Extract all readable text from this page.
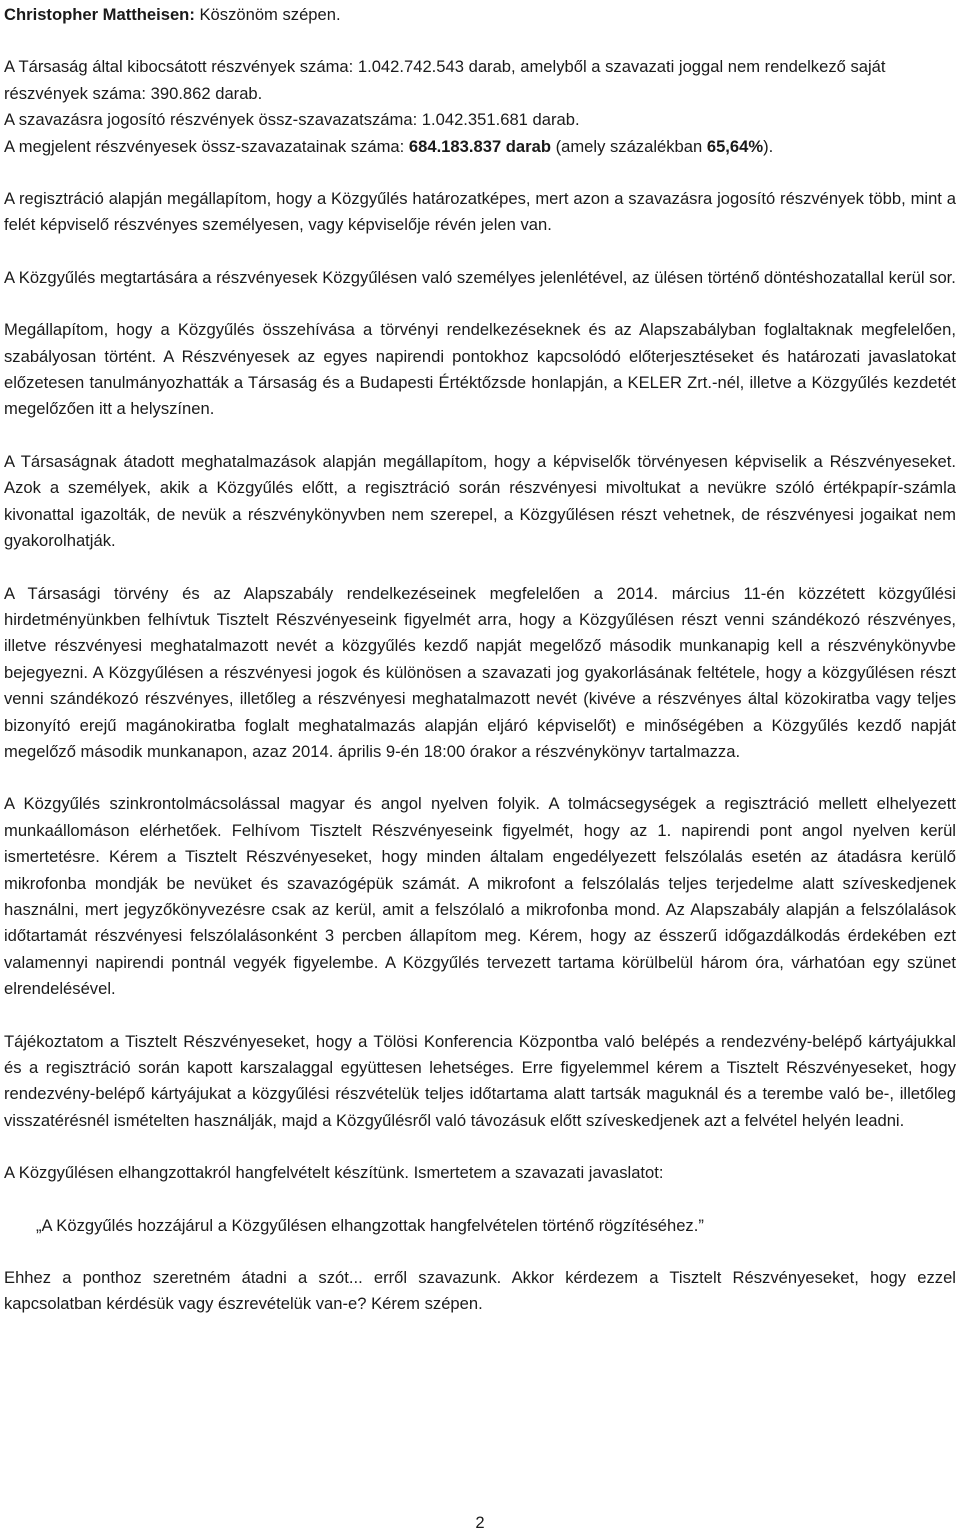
Christopher Mattheisen: Köszönöm szépen.

A Társaság által kibocsátott részvények száma: 1.042.742.543 darab, amelyből a szavazati joggal nem rendelkező saját részvények száma: 390.862 darab.

A szavazásra jogosító részvények össz-szavazatszáma: 1.042.351.681 darab.

A megjelent részvényesek össz-szavazatainak száma: 684.183.837 darab (amely százalékban 65,64%).

A regisztráció alapján megállapítom, hogy a Közgyűlés határozatképes, mert azon a szavazásra jogosító részvények több, mint a felét képviselő részvényes személyesen, vagy képviselője révén jelen van.

A Közgyűlés megtartására a részvényesek Közgyűlésen való személyes jelenlétével, az ülésen történő döntéshozatallal kerül sor.

Megállapítom, hogy a Közgyűlés összehívása a törvényi rendelkezéseknek és az Alapszabályban foglaltaknak megfelelően, szabályosan történt. A Részvényesek az egyes napirendi pontokhoz kapcsolódó előterjesztéseket és határozati javaslatokat előzetesen tanulmányozhatták a Társaság és a Budapesti Értéktőzsde honlapján, a KELER Zrt.-nél, illetve a Közgyűlés kezdetét megelőzően itt a helyszínen.

A Társaságnak átadott meghatalmazások alapján megállapítom, hogy a képviselők törvényesen képviselik a Részvényeseket. Azok a személyek, akik a Közgyűlés előtt, a regisztráció során részvényesi mivoltukat a nevükre szóló értékpapír-számla kivonattal igazolták, de nevük a részvénykönyvben nem szerepel, a Közgyűlésen részt vehetnek, de részvényesi jogaikat nem gyakorolhatják.

A Társasági törvény és az Alapszabály rendelkezéseinek megfelelően a 2014. március 11-én közzétett közgyűlési hirdetményünkben felhívtuk Tisztelt Részvényeseink figyelmét arra, hogy a Közgyűlésen részt venni szándékozó részvényes, illetve részvényesi meghatalmazott nevét a közgyűlés kezdő napját megelőző második munkanapig kell a részvénykönyvbe bejegyezni. A Közgyűlésen a részvényesi jogok és különösen a szavazati jog gyakorlásának feltétele, hogy a közgyűlésen részt venni szándékozó részvényes, illetőleg a részvényesi meghatalmazott nevét (kivéve a részvényes által közokiratba vagy teljes bizonyító erejű magánokiratba foglalt meghatalmazás alapján eljáró képviselőt) e minőségében a Közgyűlés kezdő napját megelőző második munkanapon, azaz 2014. április 9-én 18:00 órakor a részvénykönyv tartalmazza.

A Közgyűlés szinkrontolmácsolással magyar és angol nyelven folyik. A tolmácsegységek a regisztráció mellett elhelyezett munkaállomáson elérhetőek. Felhívom Tisztelt Részvényeseink figyelmét, hogy az 1. napirendi pont angol nyelven kerül ismertetésre. Kérem a Tisztelt Részvényeseket, hogy minden általam engedélyezett felszólalás esetén az átadásra kerülő mikrofonba mondják be nevüket és szavazógépük számát. A mikrofont a felszólalás teljes terjedelme alatt szíveskedjenek használni, mert jegyzőkönyvezésre csak az kerül, amit a felszólaló a mikrofonba mond. Az Alapszabály alapján a felszólalások időtartamát részvényesi felszólalásonként 3 percben állapítom meg. Kérem, hogy az ésszerű időgazdálkodás érdekében ezt valamennyi napirendi pontnál vegyék figyelembe. A Közgyűlés tervezett tartama körülbelül három óra, várhatóan egy szünet elrendelésével.

Tájékoztatom a Tisztelt Részvényeseket, hogy a Tölösi Konferencia Központba való belépés a rendezvény-belépő kártyájukkal és a regisztráció során kapott karszalaggal együttesen lehetséges. Erre figyelemmel kérem a Tisztelt Részvényeseket, hogy rendezvény-belépő kártyájukat a közgyűlési részvételük teljes időtartama alatt tartsák maguknál és a terembe való be-, illetőleg visszatérésnél ismételten használják, majd a Közgyűlésről való távozásuk előtt szíveskedjenek azt a felvétel helyén leadni.

A Közgyűlésen elhangzottakról hangfelvételt készítünk. Ismertetem a szavazati javaslatot:

„A Közgyűlés hozzájárul a Közgyűlésen elhangzottak hangfelvételen történő rögzítéséhez.”

Ehhez a ponthoz szeretném átadni a szót... erről szavazunk. Akkor kérdezem a Tisztelt Részvényeseket, hogy ezzel kapcsolatban kérdésük vagy észrevételük van-e? Kérem szépen.

2
